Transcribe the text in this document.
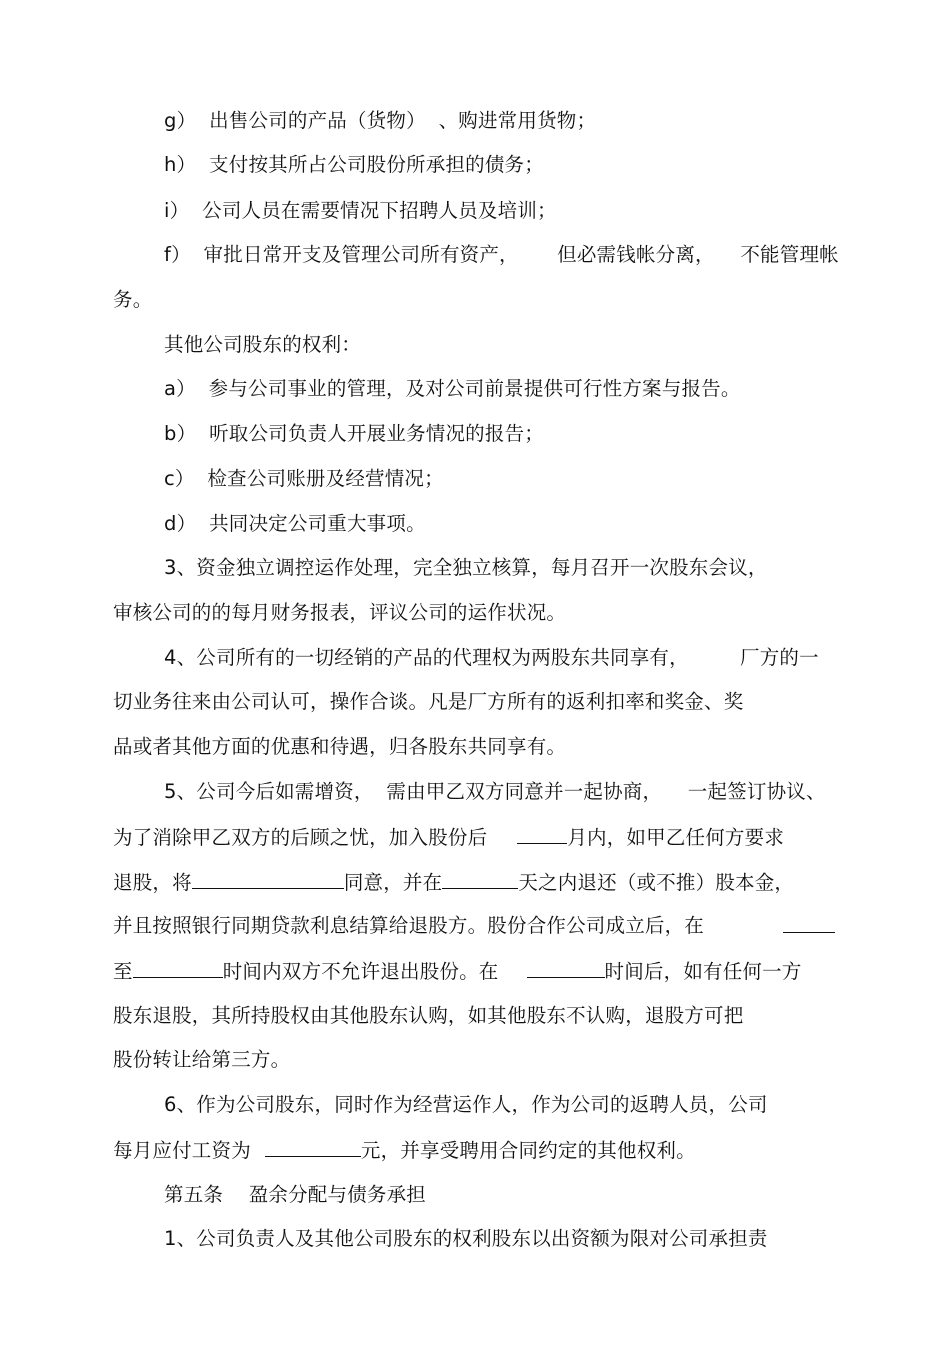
g）  出售公司的产品（货物）  、购进常用货物；
h）  支付按其所占公司股份所承担的债务；
i）  公司人员在需要情况下招聘人员及培训；
f）  审批日常开支及管理公司所有资产，      但必需钱帐分离，    不能管理帐
务。
其他公司股东的权利：
a）  参与公司事业的管理，及对公司前景提供可行性方案与报告。
b）  听取公司负责人开展业务情况的报告；
c）  检查公司账册及经营情况；
d）  共同决定公司重大事项。
3、资金独立调控运作处理，完全独立核算，每月召开一次股东会议，
审核公司的的每月财务报表，评议公司的运作状况。
4、公司所有的一切经销的产品的代理权为两股东共同享有，        厂方的一
切业务往来由公司认可，操作合谈。凡是厂方所有的返利扣率和奖金、奖
品或者其他方面的优惠和待遇，归各股东共同享有。
5、公司今后如需增资，  需由甲乙双方同意并一起协商，    一起签订协议、
为了消除甲乙双方的后顾之忧，加入股份后	月内，如甲乙任何方要求
退股，将	同意，并在	天之内退还（或不推）股本金，
并且按照银行同期贷款利息结算给退股方。股份合作公司成立后，在
至	时间内双方不允许退出股份。在	时间后，如有任何一方
股东退股，其所持股权由其他股东认购，如其他股东不认购，退股方可把
股份转让给第三方。
6、作为公司股东，同时作为经营运作人，作为公司的返聘人员，公司
每月应付工资为	元，并享受聘用合同约定的其他权利。
第五条    盈余分配与债务承担
1、公司负责人及其他公司股东的权利股东以出资额为限对公司承担责
